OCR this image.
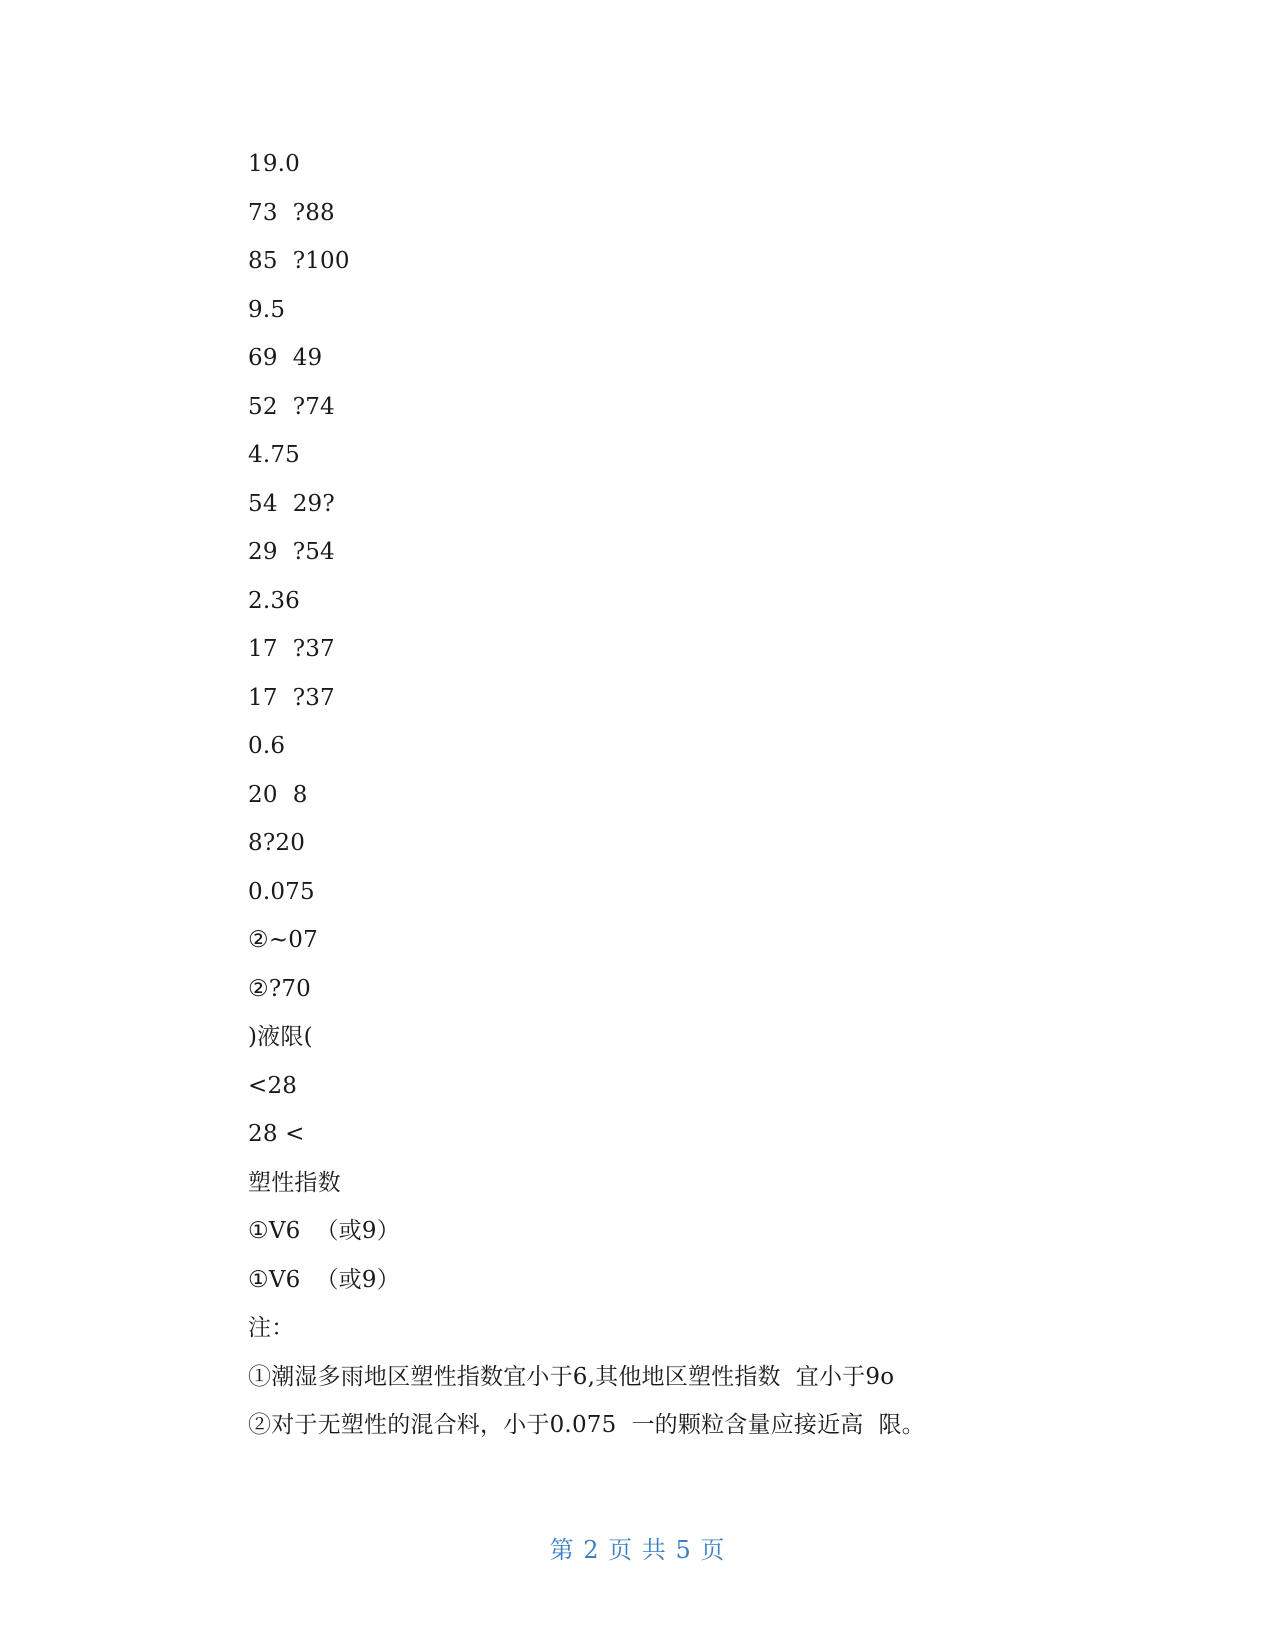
19.0
73  ?88
85  ?100
9.5
69  49
52  ?74
4.75
54  29?
29  ?54
2.36
17  ?37
17  ?37
0.6
20  8
8?20
0.075
②~07
②?70
)液限(
<28
28 <
塑性指数
①V6  （或9）
①V6  （或9）
注：
①潮湿多雨地区塑性指数宜小于6,其他地区塑性指数  宜小于9o
②对于无塑性的混合料，小于0.075  一的颗粒含量应接近高  限。
第 2 页 共 5 页
